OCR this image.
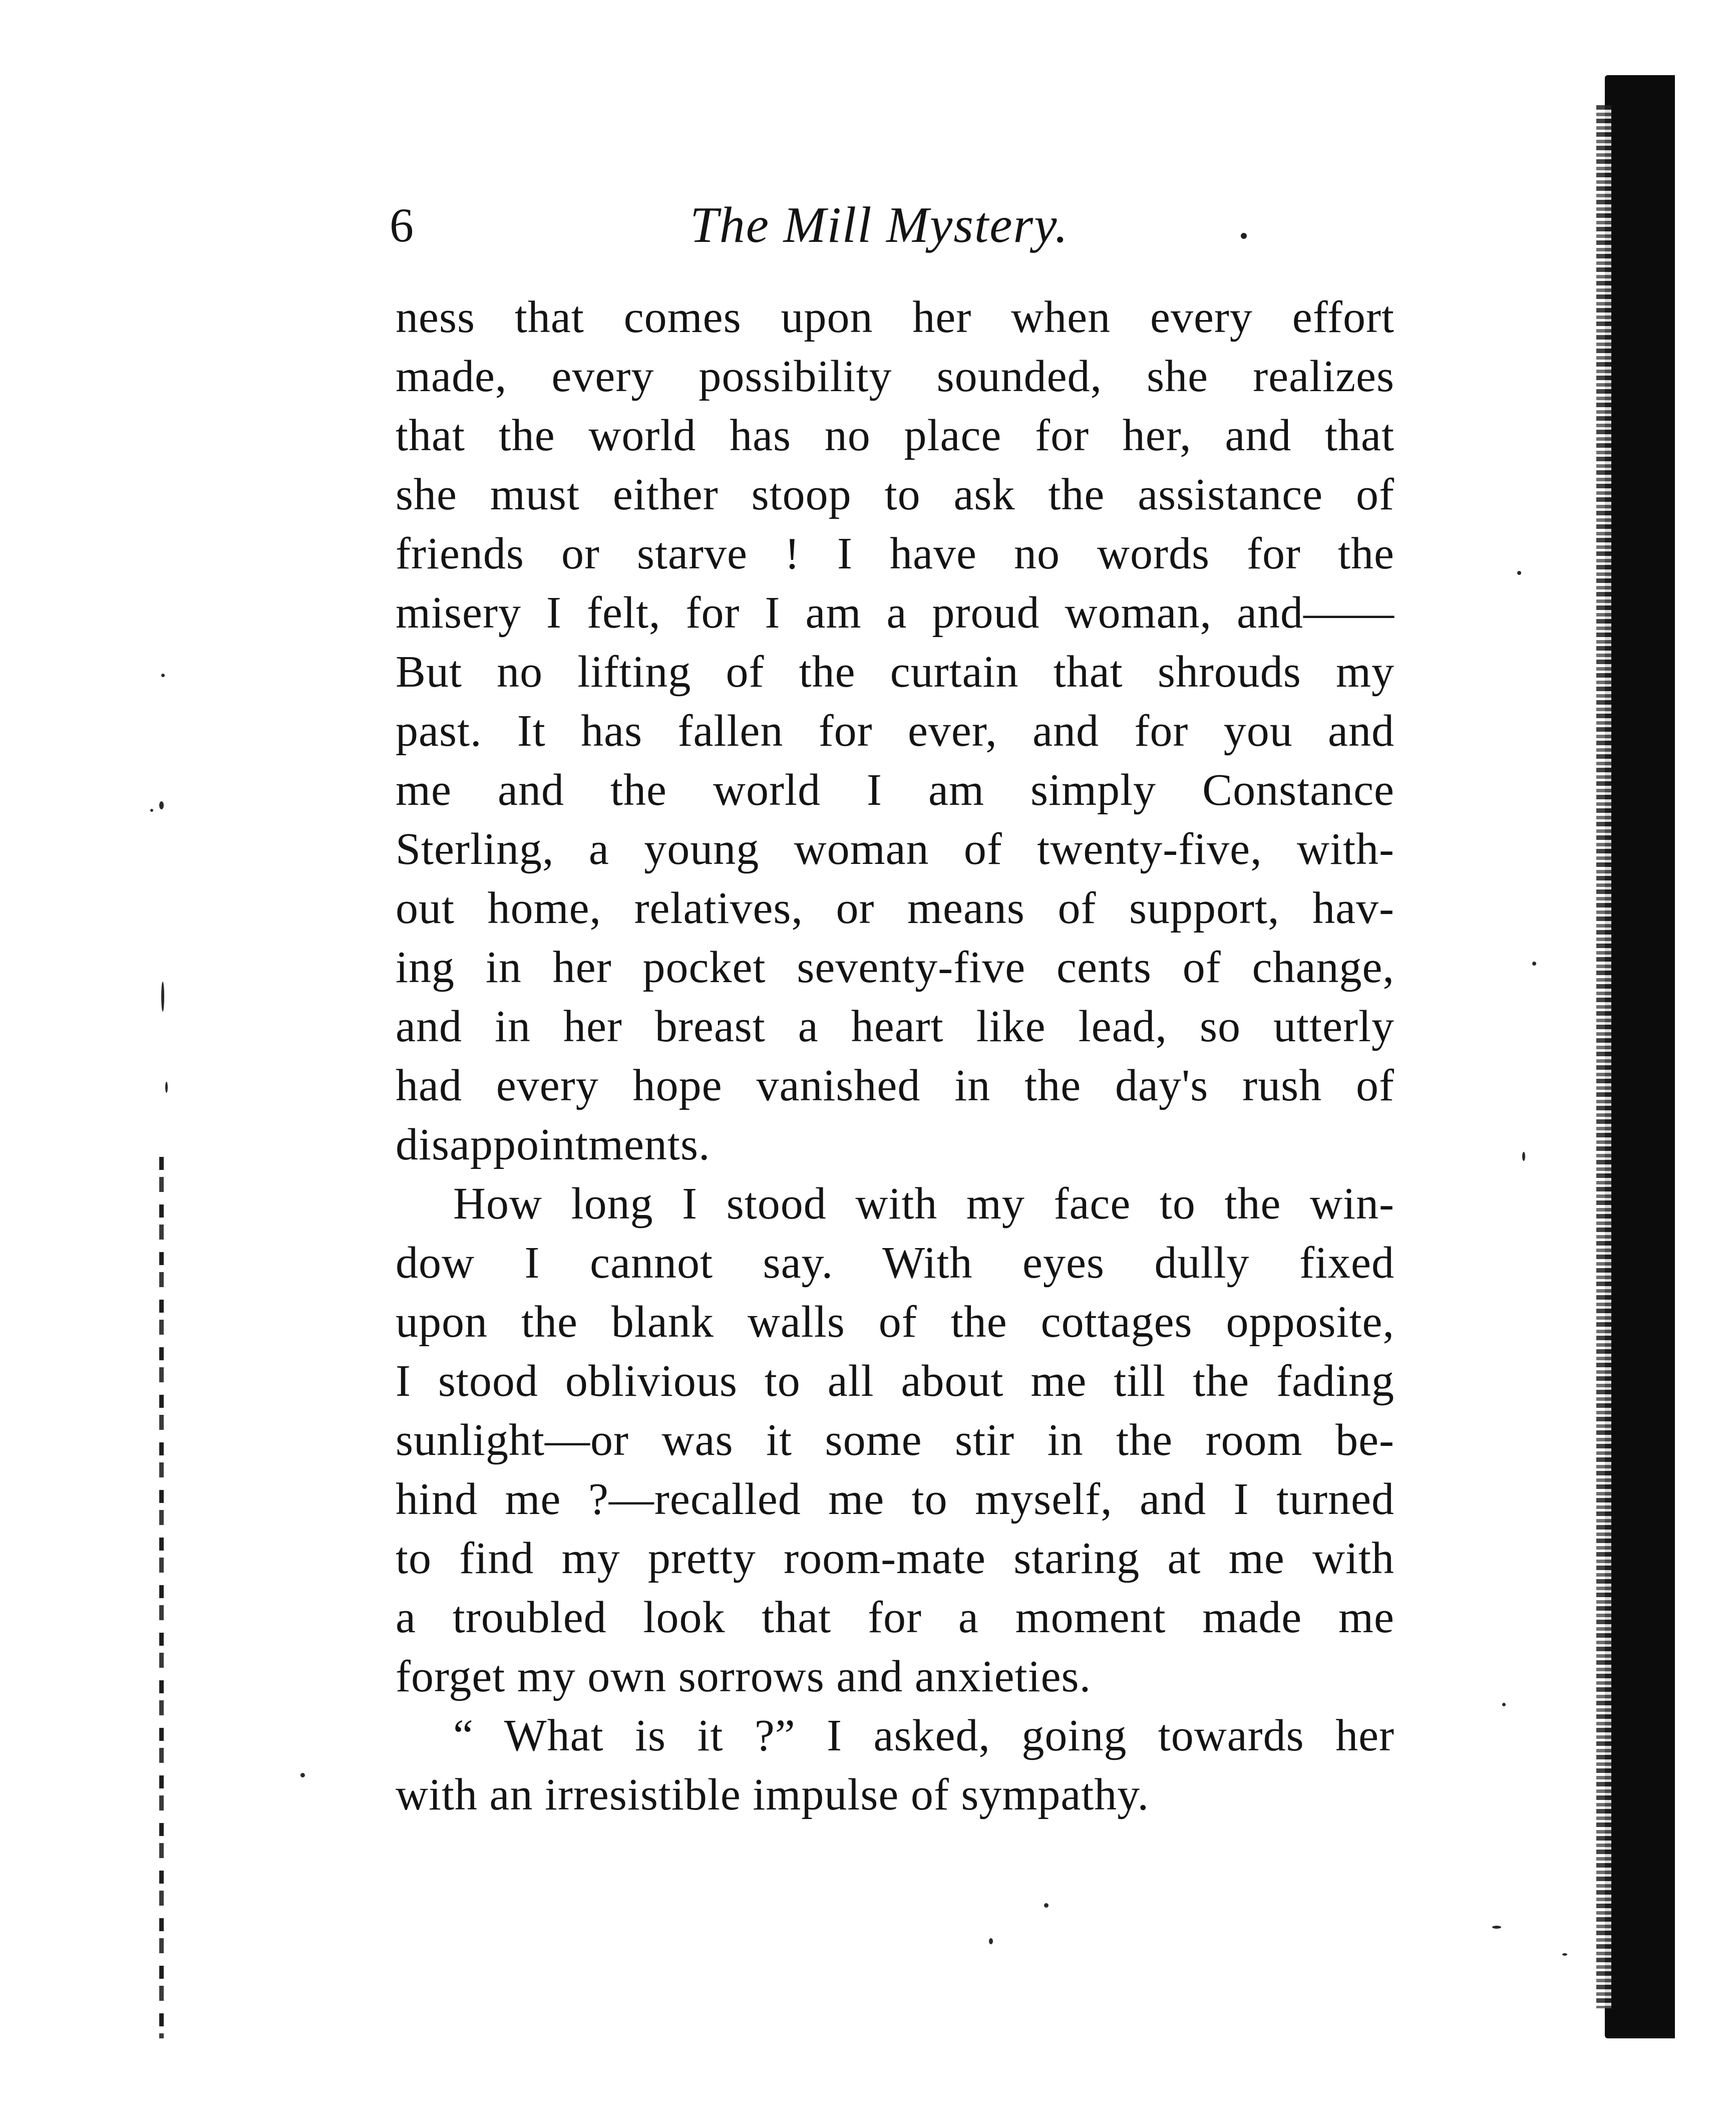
6	The Mill Mystery.
ness that comes upon her when every effort
made, every possibility sounded, she realizes
that the world has no place for her, and that
she must either stoop to ask the assistance of
friends or starve ! I have no words for the
misery I felt, for I am a proud woman, and——
But no lifting of the curtain that shrouds my
past. It has fallen for ever, and for you and
me and the world I am simply Constance
Sterling, a young woman of twenty-five, with-
out home, relatives, or means of support, hav-
ing in her pocket seventy-five cents of change,
and in her breast a heart like lead, so utterly
had every hope vanished in the day's rush of
disappointments.
How long I stood with my face to the win-
dow I cannot say. With eyes dully fixed
upon the blank walls of the cottages opposite,
I stood oblivious to all about me till the fading
sunlight—or was it some stir in the room be-
hind me ?—recalled me to myself, and I turned
to find my pretty room-mate staring at me with
a troubled look that for a moment made me
forget my own sorrows and anxieties.
“ What is it ?” I asked, going towards her
with an irresistible impulse of sympathy.
